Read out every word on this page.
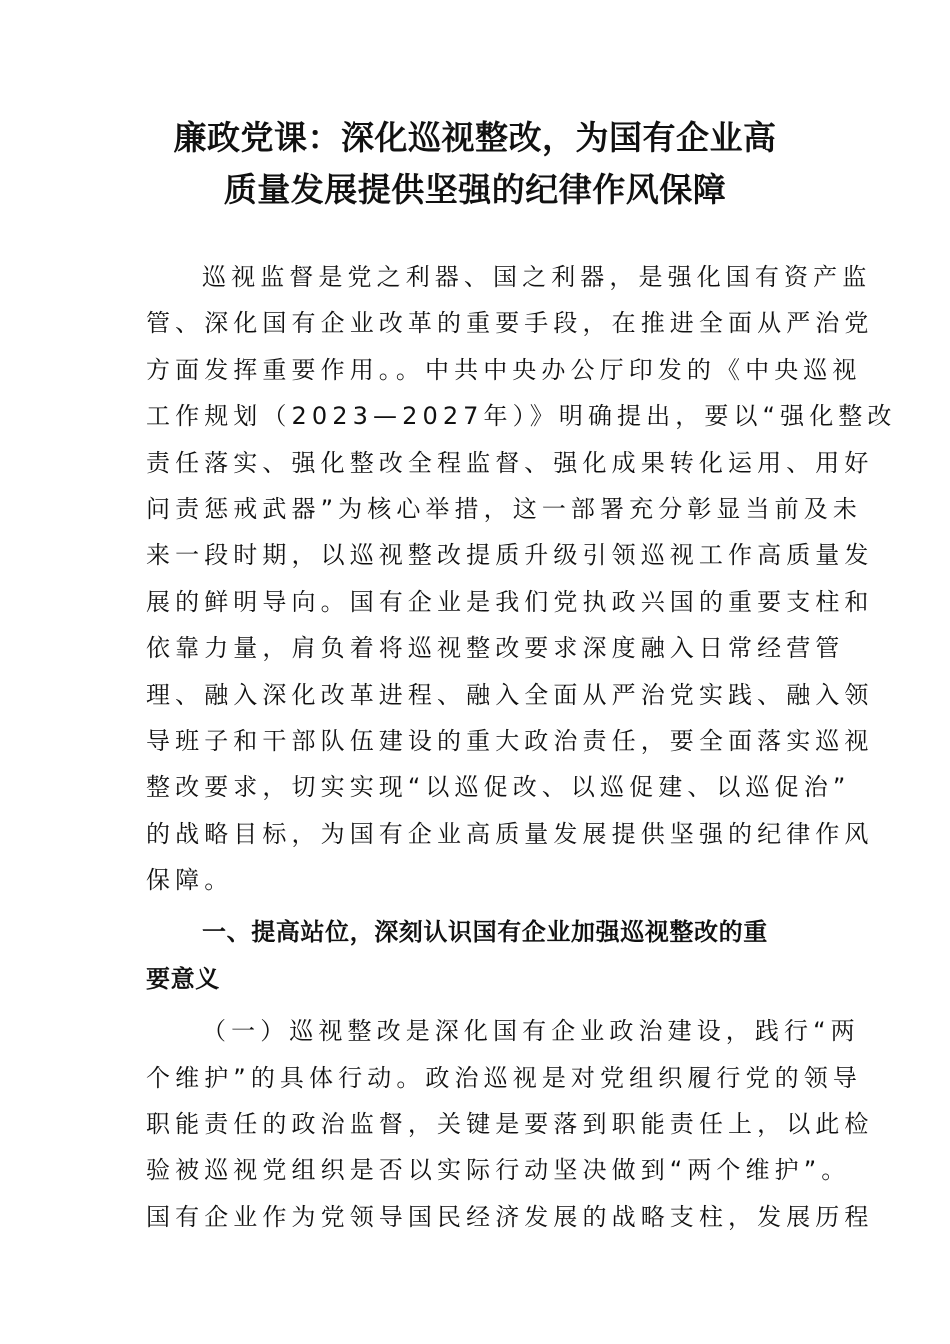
廉政党课：深化巡视整改，为国有企业高
质量发展提供坚强的纪律作风保障
巡视监督是党之利器、国之利器，是强化国有资产监
管、深化国有企业改革的重要手段，在推进全面从严治党
方面发挥重要作用。。中共中央办公厅印发的《中央巡视
工作规划（2023—2027年）》明确提出，要以“强化整改
责任落实、强化整改全程监督、强化成果转化运用、用好
问责惩戒武器”为核心举措，这一部署充分彰显当前及未
来一段时期，以巡视整改提质升级引领巡视工作高质量发
展的鲜明导向。国有企业是我们党执政兴国的重要支柱和
依靠力量，肩负着将巡视整改要求深度融入日常经营管
理、融入深化改革进程、融入全面从严治党实践、融入领
导班子和干部队伍建设的重大政治责任，要全面落实巡视
整改要求，切实实现“以巡促改、以巡促建、以巡促治”
的战略目标，为国有企业高质量发展提供坚强的纪律作风
保障。
一、提高站位，深刻认识国有企业加强巡视整改的重
要意义
（一）巡视整改是深化国有企业政治建设，践行“两
个维护”的具体行动。政治巡视是对党组织履行党的领导
职能责任的政治监督，关键是要落到职能责任上，以此检
验被巡视党组织是否以实际行动坚决做到“两个维护”。
国有企业作为党领导国民经济发展的战略支柱，发展历程
